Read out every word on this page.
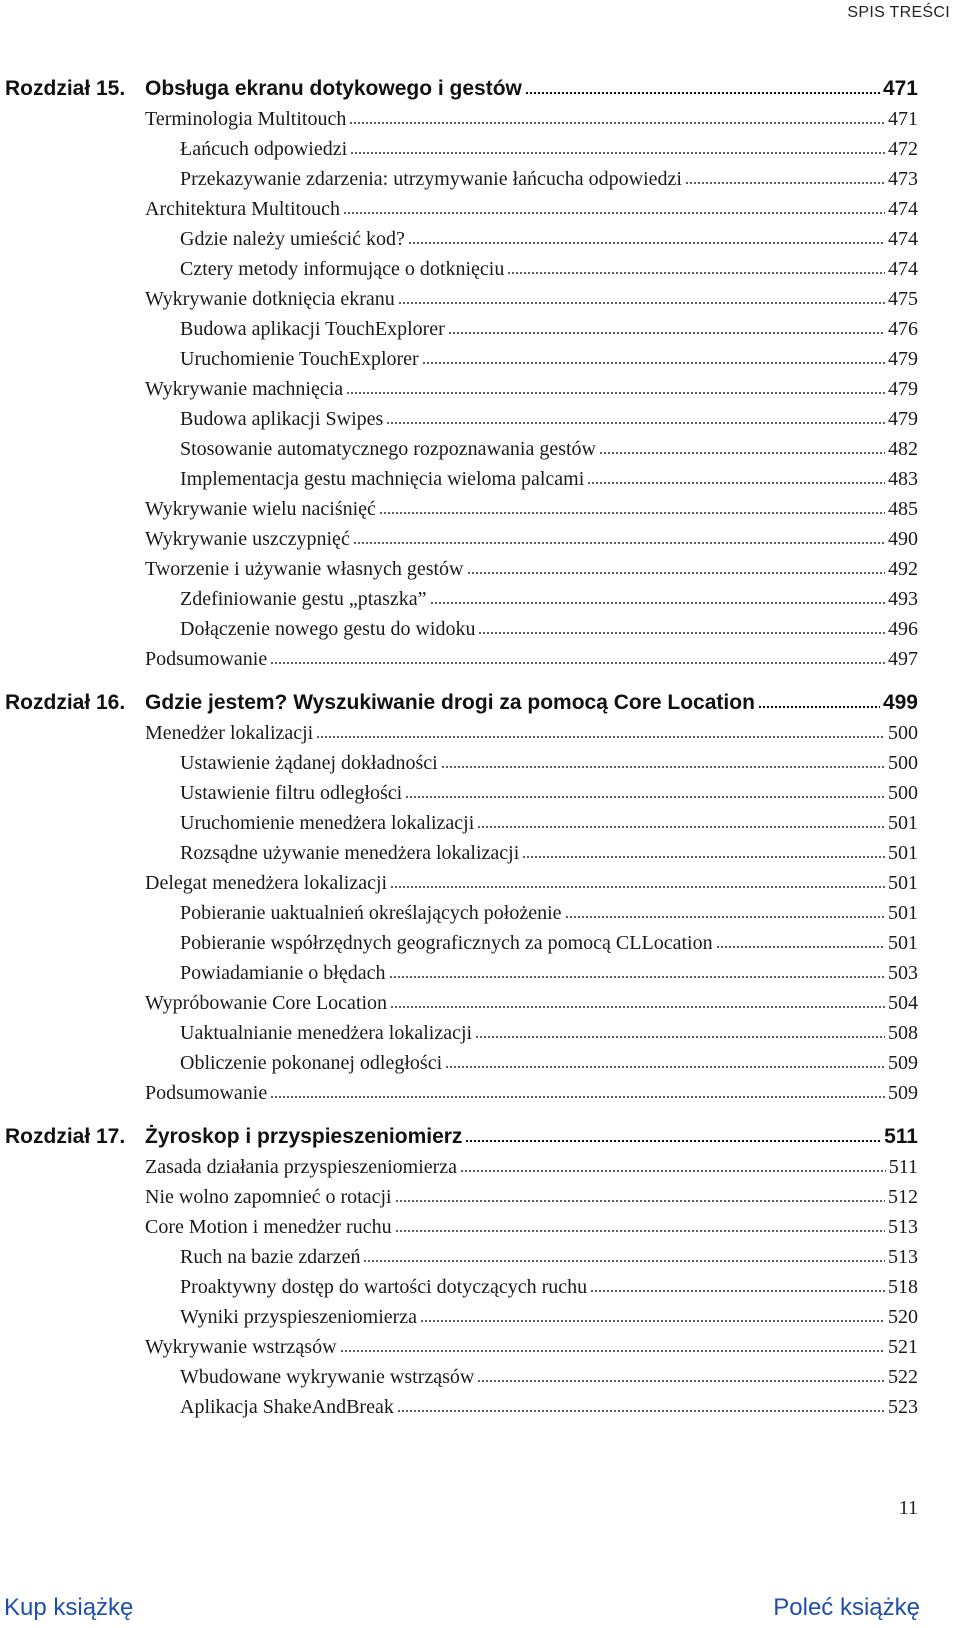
SPIS TREŚCI
Rozdział 15. Obsługa ekranu dotykowego i gestów	471
Terminologia Multitouch	471
Łańcuch odpowiedzi	472
Przekazywanie zdarzenia: utrzymywanie łańcucha odpowiedzi	473
Architektura Multitouch	474
Gdzie należy umieścić kod?	474
Cztery metody informujące o dotknięciu	474
Wykrywanie dotknięcia ekranu	475
Budowa aplikacji TouchExplorer	476
Uruchomienie TouchExplorer	479
Wykrywanie machnięcia	479
Budowa aplikacji Swipes	479
Stosowanie automatycznego rozpoznawania gestów	482
Implementacja gestu machnięcia wieloma palcami	483
Wykrywanie wielu naciśnięć	485
Wykrywanie uszczypnięć	490
Tworzenie i używanie własnych gestów	492
Zdefiniowanie gestu „ptaszka”	493
Dołączenie nowego gestu do widoku	496
Podsumowanie	497
Rozdział 16. Gdzie jestem? Wyszukiwanie drogi za pomocą Core Location	499
Menedżer lokalizacji	500
Ustawienie żądanej dokładności	500
Ustawienie filtru odległości	500
Uruchomienie menedżera lokalizacji	501
Rozsądne używanie menedżera lokalizacji	501
Delegat menedżera lokalizacji	501
Pobieranie uaktualnień określających położenie	501
Pobieranie współrzędnych geograficznych za pomocą CLLocation	501
Powiadamianie o błędach	503
Wypróbowanie Core Location	504
Uaktualnianie menedżera lokalizacji	508
Obliczenie pokonanej odległości	509
Podsumowanie	509
Rozdział 17. Żyroskop i przyspieszeniomierz	511
Zasada działania przyspieszeniomierza	511
Nie wolno zapomnieć o rotacji	512
Core Motion i menedżer ruchu	513
Ruch na bazie zdarzeń	513
Proaktywny dostęp do wartości dotyczących ruchu	518
Wyniki przyspieszeniomierza	520
Wykrywanie wstrząsów	521
Wbudowane wykrywanie wstrząsów	522
Aplikacja ShakeAndBreak	523
11
Kup książkę	Poleć książkę
